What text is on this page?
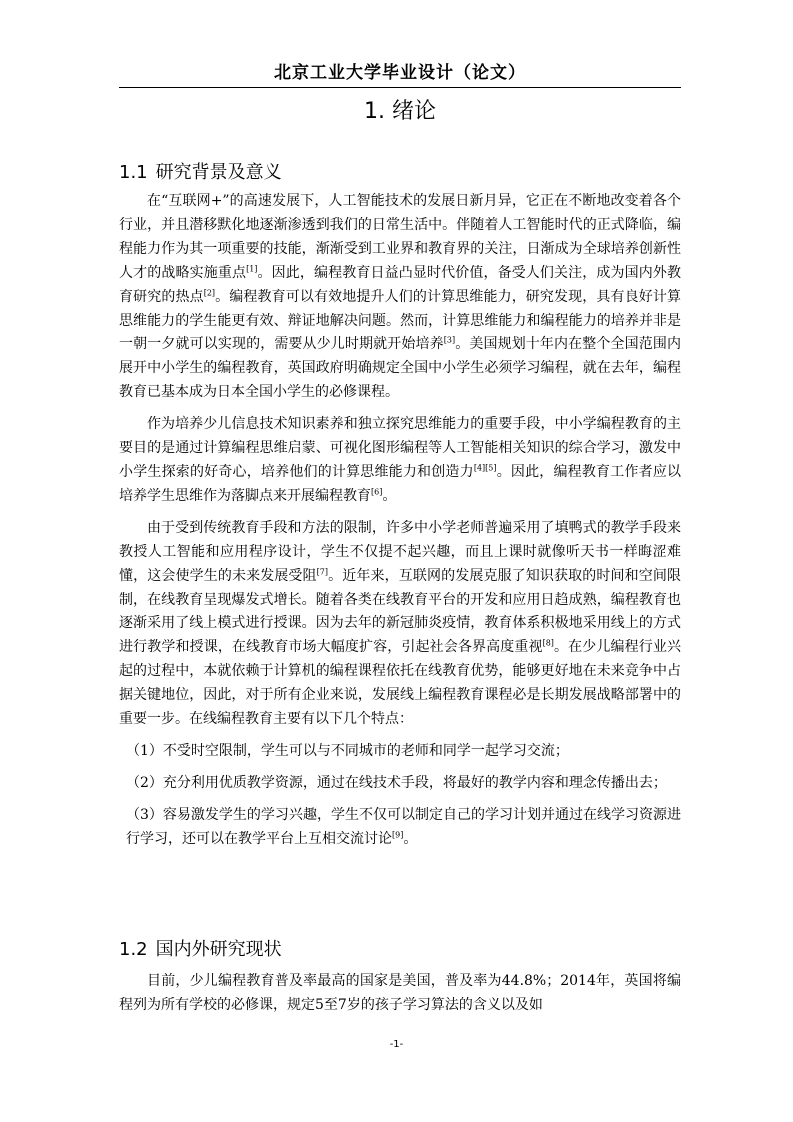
北京工业大学毕业设计（论文）
1. 绪论
1.1 研究背景及意义

在“互联网+”的高速发展下，人工智能技术的发展日新月异，它正在不断地改变着各个行业，并且潜移默化地逐渐渗透到我们的日常生活中。伴随着人工智能时代的正式降临，编程能力作为其一项重要的技能，渐渐受到工业界和教育界的关注，日渐成为全球培养创新性人才的战略实施重点[1]。因此，编程教育日益凸显时代价值，备受人们关注，成为国内外教育研究的热点[2]。编程教育可以有效地提升人们的计算思维能力，研究发现，具有良好计算思维能力的学生能更有效、辩证地解决问题。然而，计算思维能力和编程能力的培养并非是一朝一夕就可以实现的，需要从少儿时期就开始培养[3]。美国规划十年内在整个全国范围内展开中小学生的编程教育，英国政府明确规定全国中小学生必须学习编程，就在去年，编程教育已基本成为日本全国小学生的必修课程。

作为培养少儿信息技术知识素养和独立探究思维能力的重要手段，中小学编程教育的主要目的是通过计算编程思维启蒙、可视化图形编程等人工智能相关知识的综合学习，激发中小学生探索的好奇心，培养他们的计算思维能力和创造力[4][5]。因此，编程教育工作者应以培养学生思维作为落脚点来开展编程教育[6]。

由于受到传统教育手段和方法的限制，许多中小学老师普遍采用了填鸭式的教学手段来教授人工智能和应用程序设计，学生不仅提不起兴趣，而且上课时就像听天书一样晦涩难懂，这会使学生的未来发展受阻[7]。近年来，互联网的发展克服了知识获取的时间和空间限制，在线教育呈现爆发式增长。随着各类在线教育平台的开发和应用日趋成熟，编程教育也逐渐采用了线上模式进行授课。因为去年的新冠肺炎疫情，教育体系积极地采用线上的方式进行教学和授课，在线教育市场大幅度扩容，引起社会各界高度重视[8]。在少儿编程行业兴起的过程中，本就依赖于计算机的编程课程依托在线教育优势，能够更好地在未来竞争中占据关键地位，因此，对于所有企业来说，发展线上编程教育课程必是长期发展战略部署中的重要一步。在线编程教育主要有以下几个特点：

（1）不受时空限制，学生可以与不同城市的老师和同学一起学习交流；

（2）充分利用优质教学资源，通过在线技术手段，将最好的教学内容和理念传播出去；

（3）容易激发学生的学习兴趣，学生不仅可以制定自己的学习计划并通过在线学习资源进行学习，还可以在教学平台上互相交流讨论[9]。

1.2 国内外研究现状

目前，少儿编程教育普及率最高的国家是美国，普及率为44.8%；2014年，英国将编程列为所有学校的必修课，规定5至7岁的孩子学习算法的含义以及如

-1-
